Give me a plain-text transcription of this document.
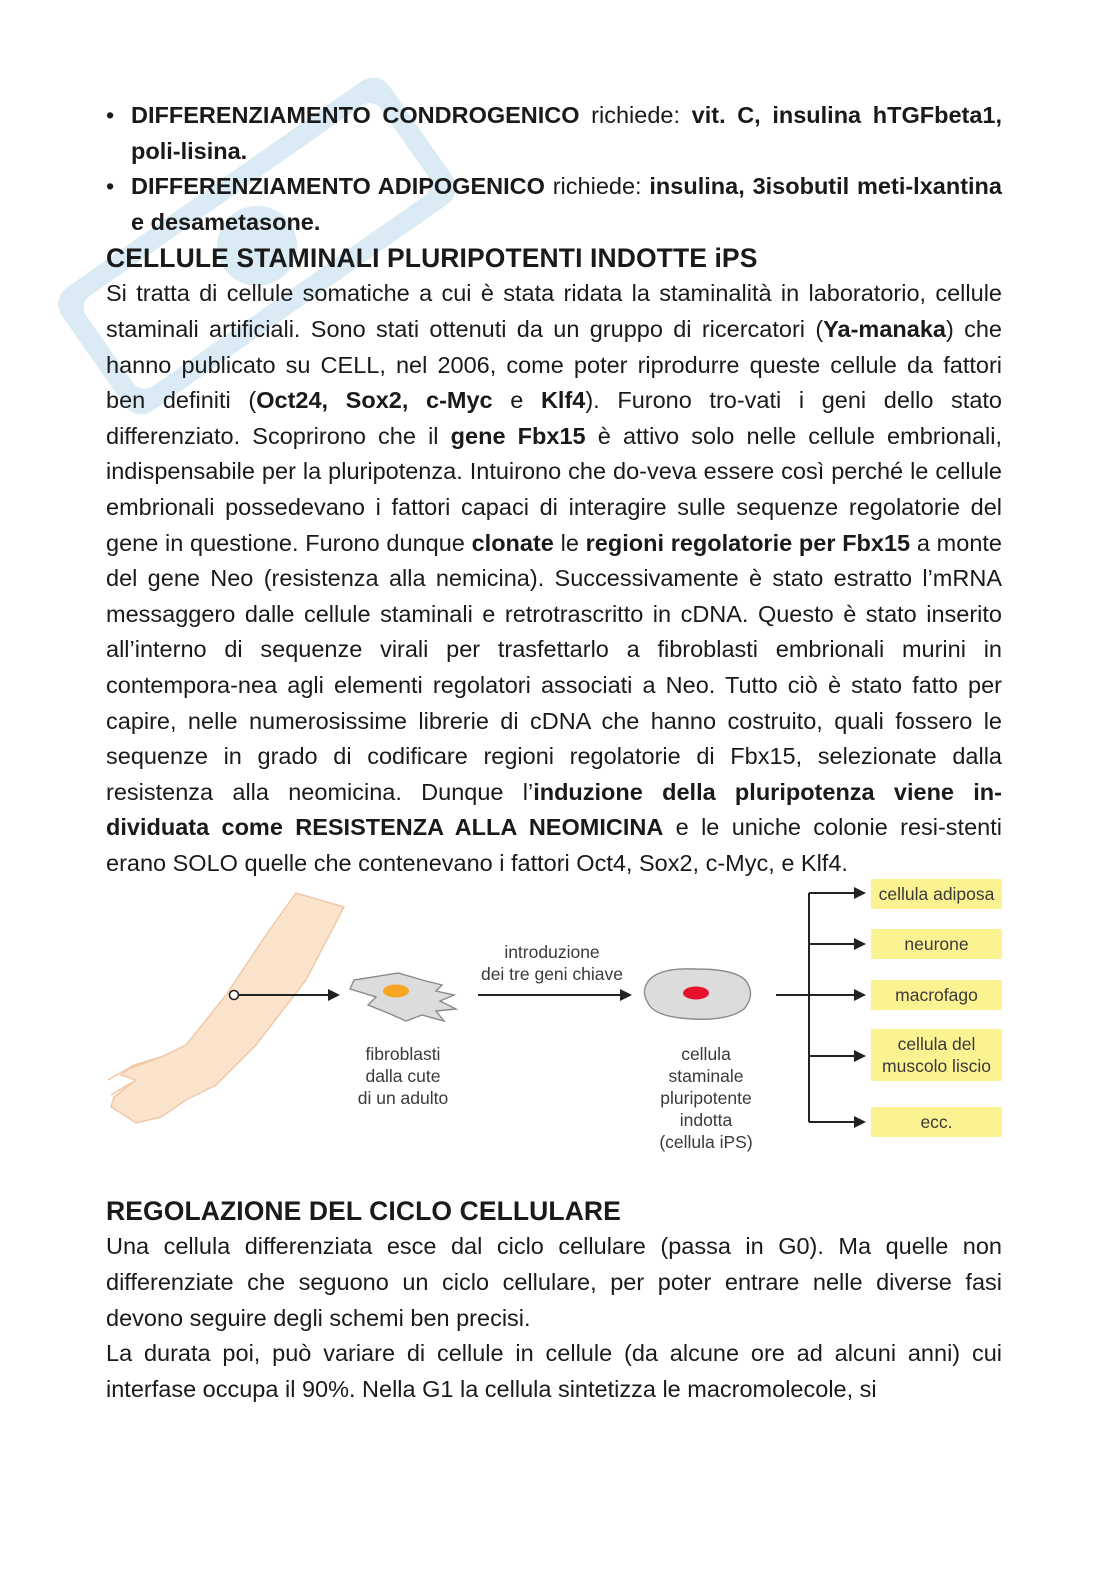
• DIFFERENZIAMENTO CONDROGENICO richiede: vit. C, insulina hTGFbeta1, poli-lisina.
• DIFFERENZIAMENTO ADIPOGENICO richiede: insulina, 3isobutil meti-lxantina e desametasone.
CELLULE STAMINALI PLURIPOTENTI INDOTTE iPS

Si tratta di cellule somatiche a cui è stata ridata la staminalità in laboratorio, cellule staminali artificiali. Sono stati ottenuti da un gruppo di ricercatori (Ya-manaka) che hanno publicato su CELL, nel 2006, come poter riprodurre queste cellule da fattori ben definiti (Oct24, Sox2, c-Myc e Klf4). Furono tro-vati i geni dello stato differenziato. Scoprirono che il gene Fbx15 è attivo solo nelle cellule embrionali, indispensabile per la pluripotenza. Intuirono che do-veva essere così perché le cellule embrionali possedevano i fattori capaci di interagire sulle sequenze regolatorie del gene in questione. Furono dunque clonate le regioni regolatorie per Fbx15 a monte del gene Neo (resistenza alla nemicina). Successivamente è stato estratto l’mRNA messaggero dalle cellule staminali e retrotrascritto in cDNA. Questo è stato inserito all’interno di sequenze virali per trasfettarlo a fibroblasti embrionali murini in contempora-nea agli elementi regolatori associati a Neo. Tutto ciò è stato fatto per capire, nelle numerosissime librerie di cDNA che hanno costruito, quali fossero le sequenze in grado di codificare regioni regolatorie di Fbx15, selezionate dalla resistenza alla neomicina. Dunque l’induzione della pluripotenza viene in-dividuata come RESISTENZA ALLA NEOMICINA e le uniche colonie resi-stenti erano SOLO quelle che contenevano i fattori Oct4, Sox2, c-Myc, e Klf4.

introduzione
dei tre geni chiave
fibroblasti
dalla cute
di un adulto
cellula
staminale
pluripotente
indotta
(cellula iPS)
cellula adiposa
neurone
macrofago
cellula del
muscolo liscio
ecc.
REGOLAZIONE DEL CICLO CELLULARE

Una cellula differenziata esce dal ciclo cellulare (passa in G0). Ma quelle non differenziate che seguono un ciclo cellulare, per poter entrare nelle diverse fasi devono seguire degli schemi ben precisi.

La durata poi, può variare di cellule in cellule (da alcune ore ad alcuni anni) cui interfase occupa il 90%. Nella G1 la cellula sintetizza le macromolecole, si
